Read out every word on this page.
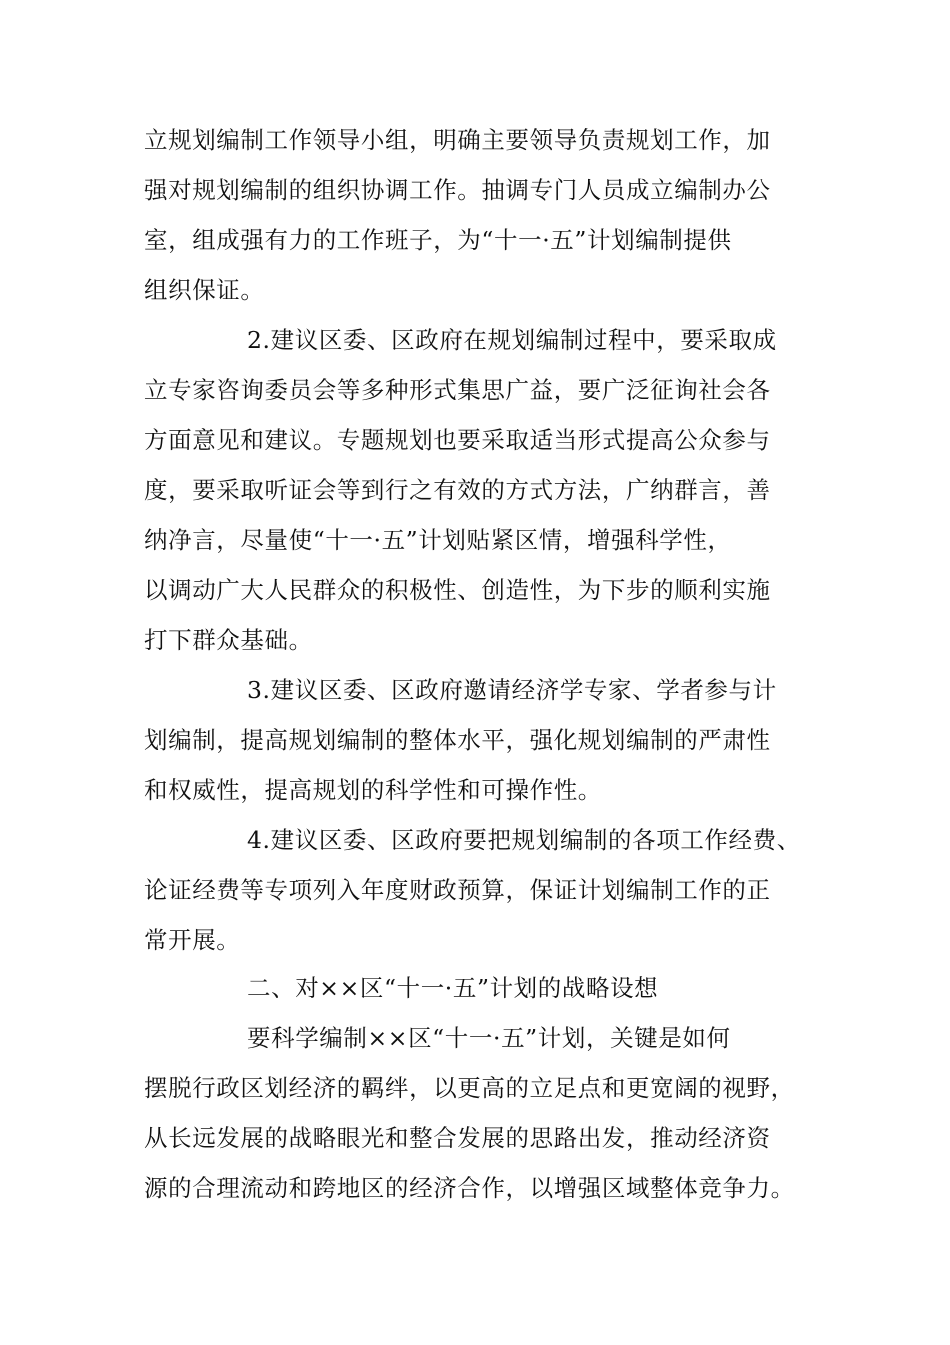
立规划编制工作领导小组，明确主要领导负责规划工作，加
强对规划编制的组织协调工作。抽调专门人员成立编制办公
室，组成强有力的工作班子，为“十一·五”计划编制提供
组织保证。
2.建议区委、区政府在规划编制过程中，要采取成
立专家咨询委员会等多种形式集思广益，要广泛征询社会各
方面意见和建议。专题规划也要采取适当形式提高公众参与
度，要采取听证会等到行之有效的方式方法，广纳群言，善
纳净言，尽量使“十一·五”计划贴紧区情，增强科学性，
以调动广大人民群众的积极性、创造性，为下步的顺利实施
打下群众基础。
3.建议区委、区政府邀请经济学专家、学者参与计
划编制，提高规划编制的整体水平，强化规划编制的严肃性
和权威性，提高规划的科学性和可操作性。
4.建议区委、区政府要把规划编制的各项工作经费、
论证经费等专项列入年度财政预算，保证计划编制工作的正
常开展。
二、对××区“十一·五”计划的战略设想
要科学编制××区“十一·五”计划，关键是如何
摆脱行政区划经济的羁绊，以更高的立足点和更宽阔的视野，
从长远发展的战略眼光和整合发展的思路出发，推动经济资
源的合理流动和跨地区的经济合作，以增强区域整体竞争力。
